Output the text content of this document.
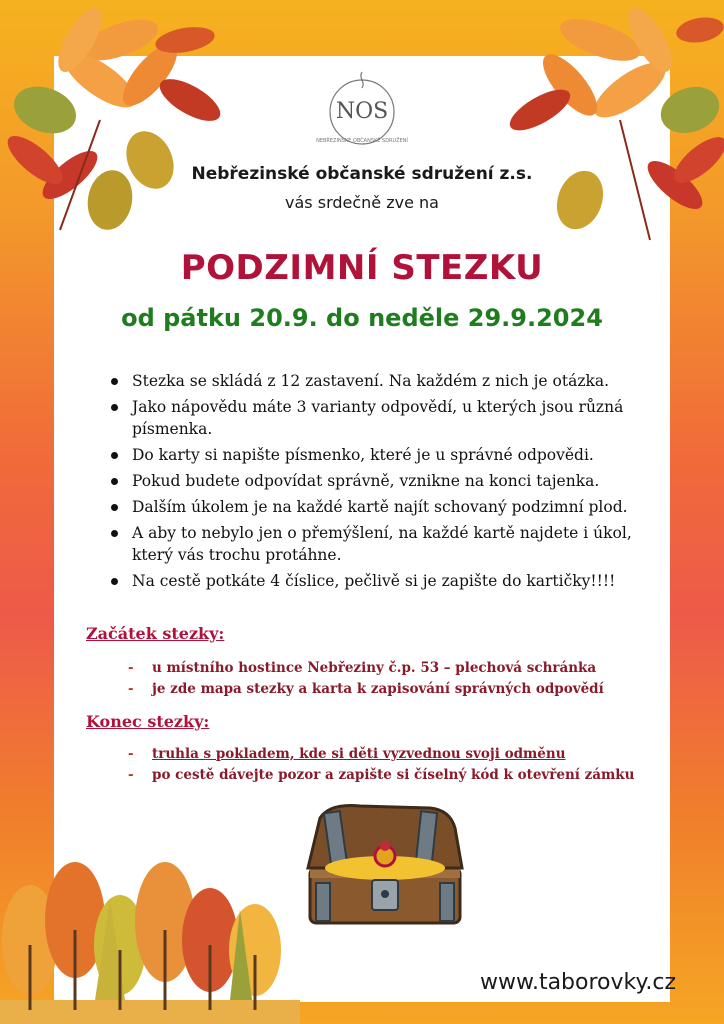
NOS
NEBŘEZINSKÉ OBČANSKÉ SDRUŽENÍ
Nebřezinské občanské sdružení z.s.
vás srdečně zve na
PODZIMNÍ STEZKU
od pátku 20.9. do neděle 29.9.2024
Stezka se skládá z 12 zastavení. Na každém z nich je otázka.
Jako nápovědu máte 3 varianty odpovědí, u kterých jsou různá písmenka.
Do karty si napište písmenko, které je u správné odpovědi.
Pokud budete odpovídat správně, vznikne na konci tajenka.
Dalším úkolem je na každé kartě najít schovaný podzimní plod.
A aby to nebylo jen o přemýšlení, na každé kartě najdete i úkol, který vás trochu protáhne.
Na cestě potkáte 4 číslice, pečlivě si je zapište do kartičky!!!!
Začátek stezky:
- u místního hostince Nebřeziny č.p. 53 – plechová schránka
- je zde mapa stezky a karta k zapisování správných odpovědí
Konec stezky:
- truhla s pokladem, kde si děti vyzvednou svoji odměnu
- po cestě dávejte pozor a zapište si číselný kód k otevření zámku
www.taborovky.cz
